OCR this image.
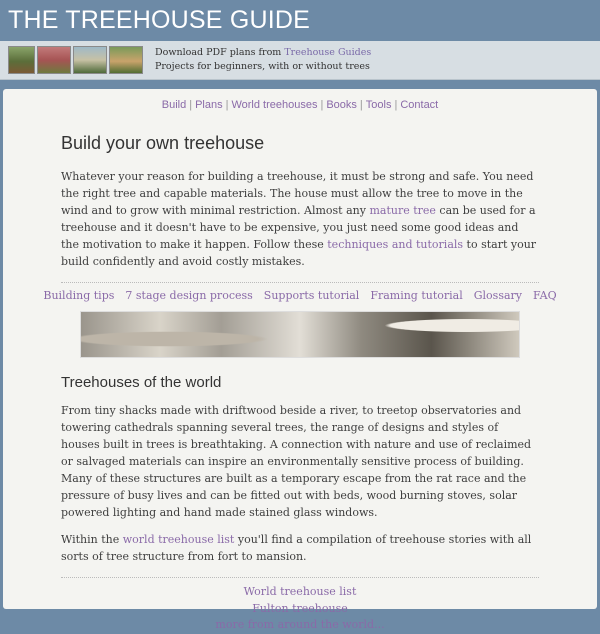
THE TREEHOUSE GUIDE
Download PDF plans from Treehouse Guides
Projects for beginners, with or without trees
Build | Plans | World treehouses | Books | Tools | Contact
Build your own treehouse

Whatever your reason for building a treehouse, it must be strong and safe. You need the right tree and capable materials. The house must allow the tree to move in the wind and to grow with minimal restriction. Almost any mature tree can be used for a treehouse and it doesn't have to be expensive, you just need some good ideas and the motivation to make it happen. Follow these techniques and tutorials to start your build confidently and avoid costly mistakes.

Building tips 7 stage design process Supports tutorial Framing tutorial Glossary FAQ
Treehouses of the world

From tiny shacks made with driftwood beside a river, to treetop observatories and towering cathedrals spanning several trees, the range of designs and styles of houses built in trees is breathtaking. A connection with nature and use of reclaimed or salvaged materials can inspire an environmentally sensitive process of building. Many of these structures are built as a temporary escape from the rat race and the pressure of busy lives and can be fitted out with beds, wood burning stoves, solar powered lighting and hand made stained glass windows.

Within the world treehouse list you'll find a compilation of treehouse stories with all sorts of tree structure from fort to mansion.

World treehouse list
Fulton treehouse
more from around the world...
